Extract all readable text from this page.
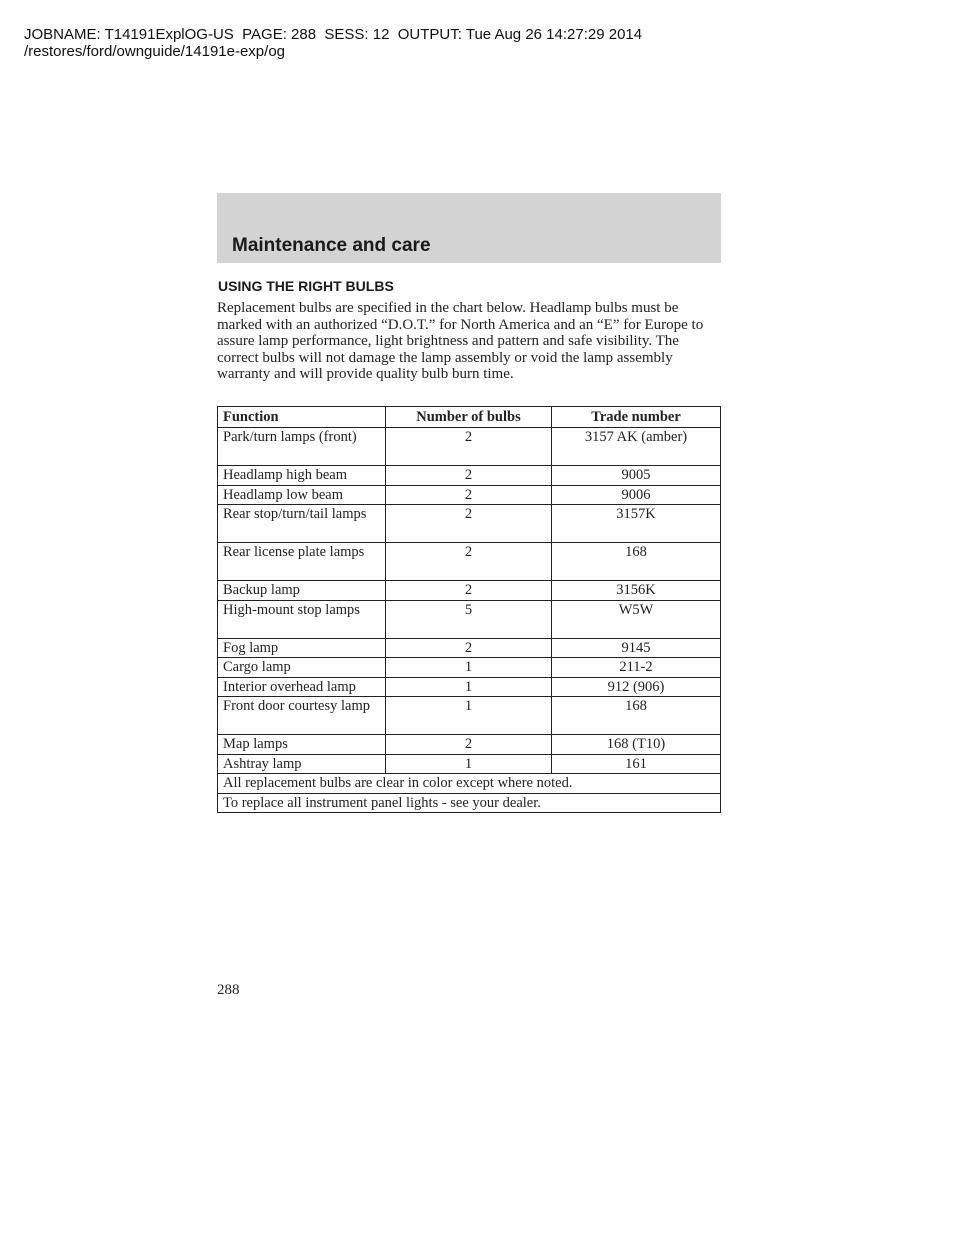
JOBNAME: T14191ExplOG-US  PAGE: 288  SESS: 12  OUTPUT: Tue Aug 26 14:27:29 2014
/restores/ford/ownguide/14191e-exp/og
Maintenance and care
USING THE RIGHT BULBS

Replacement bulbs are specified in the chart below. Headlamp bulbs must be marked with an authorized “D.O.T.” for North America and an “E” for Europe to assure lamp performance, light brightness and pattern and safe visibility. The correct bulbs will not damage the lamp assembly or void the lamp assembly warranty and will provide quality bulb burn time.

Function	Number of bulbs	Trade number
Park/turn lamps (front)	2	3157 AK (amber)
Headlamp high beam	2	9005
Headlamp low beam	2	9006
Rear stop/turn/tail lamps	2	3157K
Rear license plate lamps	2	168
Backup lamp	2	3156K
High-mount stop lamps	5	W5W
Fog lamp	2	9145
Cargo lamp	1	211-2
Interior overhead lamp	1	912 (906)
Front door courtesy lamp	1	168
Map lamps	2	168 (T10)
Ashtray lamp	1	161
All replacement bulbs are clear in color except where noted.		
To replace all instrument panel lights - see your dealer.		

288
